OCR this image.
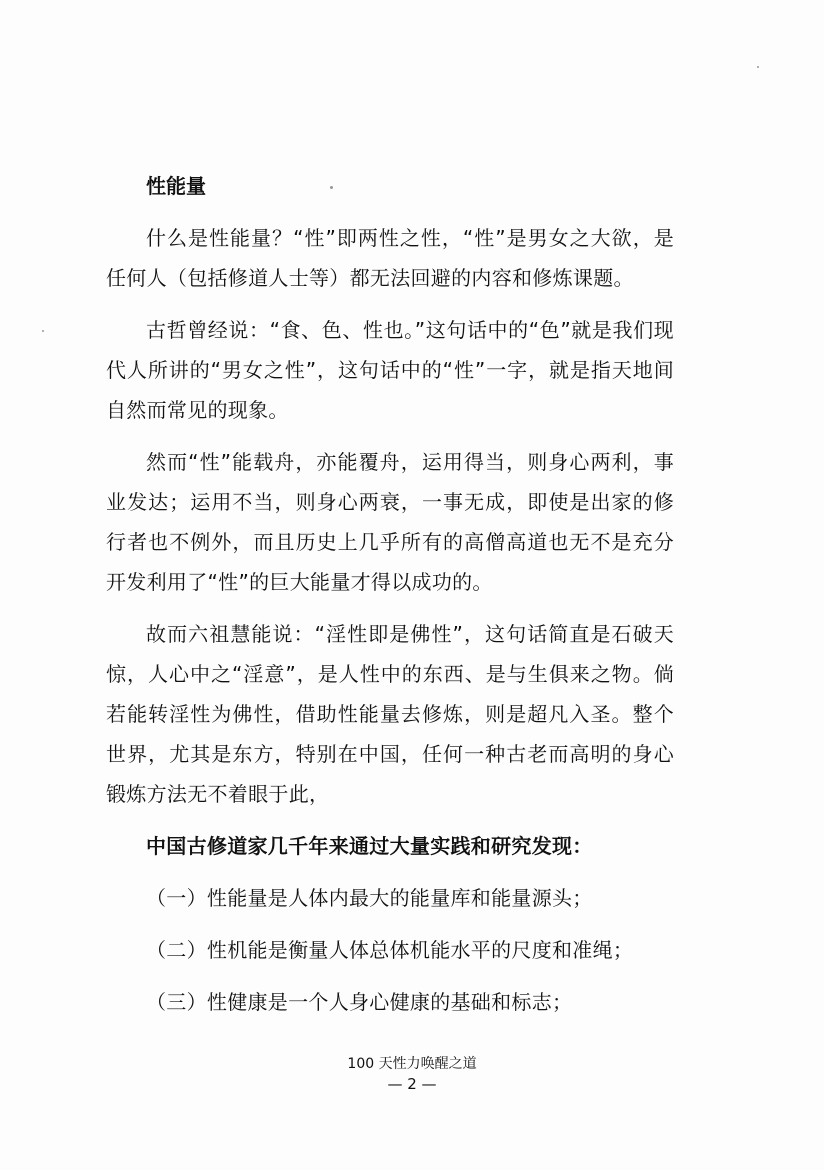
性能量

什么是性能量？“性”即两性之性，“性”是男女之大欲，是任何人（包括修道人士等）都无法回避的内容和修炼课题。

古哲曾经说：“食、色、性也。”这句话中的“色”就是我们现代人所讲的“男女之性”，这句话中的“性”一字，就是指天地间自然而常见的现象。

然而“性”能载舟，亦能覆舟，运用得当，则身心两利，事业发达；运用不当，则身心两衰，一事无成，即使是出家的修行者也不例外，而且历史上几乎所有的高僧高道也无不是充分开发利用了“性”的巨大能量才得以成功的。

故而六祖慧能说：“淫性即是佛性”，这句话简直是石破天惊，人心中之“淫意”，是人性中的东西、是与生俱来之物。倘若能转淫性为佛性，借助性能量去修炼，则是超凡入圣。整个世界，尤其是东方，特别在中国，任何一种古老而高明的身心锻炼方法无不着眼于此，

中国古修道家几千年来通过大量实践和研究发现：

（一）性能量是人体内最大的能量库和能量源头；
（二）性机能是衡量人体总体机能水平的尺度和准绳；
（三）性健康是一个人身心健康的基础和标志；
100 天性力唤醒之道
— 2 —
